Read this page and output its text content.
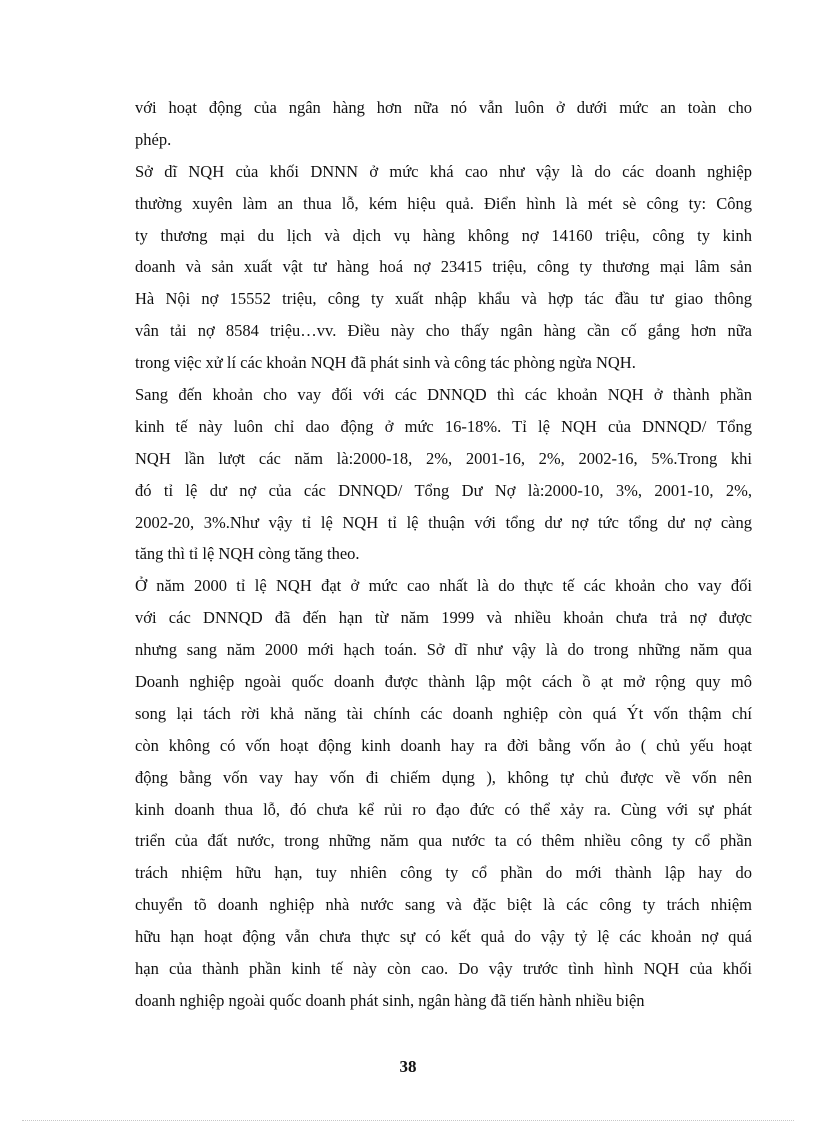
với hoạt động của ngân hàng hơn nữa nó vẫn luôn ở dưới mức an toàn cho
phép.
Sở dĩ NQH của khối DNNN ở mức khá cao như vậy là do các doanh nghiệp
thường xuyên làm an thua lỗ, kém hiệu quả. Điển hình là mét sè công ty: Công
ty thương mại du lịch và dịch vụ hàng không nợ 14160 triệu, công ty kinh
doanh và sản xuất vật tư hàng hoá nợ 23415 triệu, công ty thương mại lâm sản
Hà Nội nợ 15552 triệu, công ty xuất nhập khẩu và hợp tác đầu tư giao thông
vân tải nợ 8584 triệu…vv. Điều này cho thấy ngân hàng cần cố gắng hơn nữa
trong việc xử lí các khoản NQH đã phát sinh và công tác phòng ngừa NQH.
Sang đến khoản cho vay đối với các DNNQD thì các khoản NQH ở thành phần
kinh tế này luôn chỉ dao động ở mức 16-18%. Tỉ lệ NQH của DNNQD/ Tổng
NQH lần lượt các năm là:2000-18, 2%, 2001-16, 2%, 2002-16, 5%.Trong khi
đó tỉ lệ dư nợ của các DNNQD/ Tổng Dư Nợ là:2000-10, 3%, 2001-10, 2%,
2002-20, 3%.Như vậy tỉ lệ NQH tỉ lệ thuận với tổng dư nợ tức tổng dư nợ càng
tăng thì tỉ lệ NQH còng tăng theo.
Ở năm 2000 tỉ lệ NQH đạt ở mức cao nhất là do thực tế các khoản cho vay đối
với các DNNQD đã đến hạn từ năm 1999 và nhiều khoản chưa trả nợ được
nhưng sang năm 2000 mới hạch toán. Sở dĩ như vậy là do trong những năm qua
Doanh nghiệp ngoài quốc doanh được thành lập một cách ồ ạt mở rộng quy mô
song lại tách rời khả năng tài chính các doanh nghiệp còn quá Ýt vốn thậm chí
còn không có vốn hoạt động kinh doanh hay ra đời bằng vốn ảo ( chủ yếu hoạt
động bằng vốn vay hay vốn đi chiếm dụng ), không tự chủ được về vốn nên
kinh doanh thua lỗ, đó chưa kể rủi ro đạo đức có thể xảy ra. Cùng với sự phát
triển của đất nước, trong những năm qua nước ta có thêm nhiều công ty cổ phần
trách nhiệm hữu hạn, tuy nhiên công ty cổ phần do mới thành lập hay do
chuyển tõ doanh nghiệp nhà nước sang và đặc biệt là các công ty trách nhiệm
hữu hạn hoạt động vẫn chưa thực sự có kết quả do vậy tỷ lệ các khoản nợ quá
hạn của thành phần kinh tế này còn cao. Do vậy trước tình hình NQH của khối
doanh nghiệp ngoài quốc doanh phát sinh, ngân hàng đã tiến hành nhiều biện
38
